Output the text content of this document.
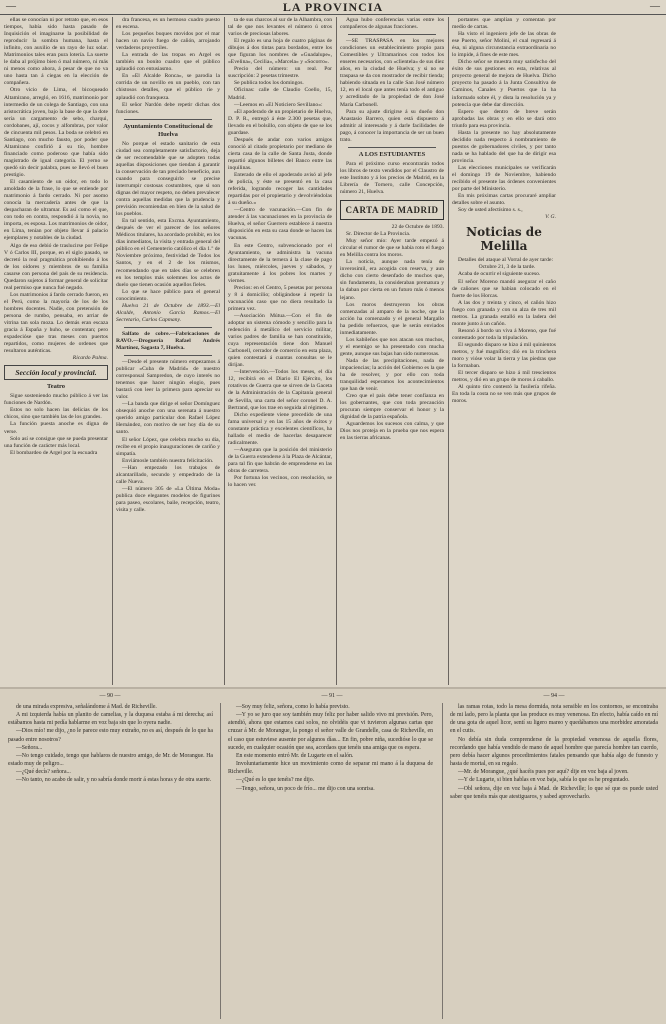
—	LA PROVINCIA	—

ellas se conocían ni por retrato que, en esos tiempos, había sido hasta pasado de Inquisición el imaginarse la posibilidad de reproducir la sombra humana, hasta el infinito, con auxilio de un rayo de luz solar. Matrimonios tales eran pura lotería. La suerte le daba al prójimo bien ó mal número, ni más ni menos como ahora, á pesar de que no va uno hasta tan á ciegas en la elección de compañera.

Otro vicio de Lima, el bicoqueado Altamirano, arregló, en 1616, matrimonio por intermedio de un colega de Santiago, con una aristocrática joven, bajo la base de que la dote sería un cargamento de sebo, charqui, cordobanes, ají, cocos y alfombras, por valor de cincuenta mil pesos. La boda se celebró en Santiago, con mucho fausto, por poder que Altamirano confirió á su tío, hombre financiado como poderoso que había sido magistrado de igual categoría. El yerno se quedó sin decir palabra, pues se llevó el buen prestigio.

El casamiento de un oidor, en todo lo amoldado de la frase, lo que se entiende por matrimonio á fardo cerrado. Ni por asomo conocía la mercadería antes de que la despacharan de ultramar. Es así como el que, con todo en contra, respondió á la novia, no importa, es esposa. Los matrimonios de oidor, en Lima, tenían por objeto llevar á palacio ejemplares y notables de la ciudad.

Algo de eso debió de traslucirse por Felipe V ó Carlos III, porque, en el siglo pasado, se decretó la real pragmática prohibiendo á los de los oidores y miembros de su familia casarse con persona del país de su residencia. Quedaron sujetos á formar general de solicitar real permiso que nunca fué negado.

Los matrimonios á fardo cerrado fueron, en el Perú, como la mayoría de los de los hombres docentes. Nadie, con pretensión de persona de rumbo, pensaba, en arriar de vitrina tan sola moza. Lo demás eran escaza gracia á España y huho, se contentan; pero expadecióse que tras meses con puertos repartidos, como mujeres de ordenes que resultaron auténticas.

Ricardo Palma.

Sección local y provincial.

Teatro

Sigue sosteniendo mucho público á ver las funciones de Nardón.

Estos no solo hacen las delicias de los chicos, sino que también las de los grandes.

La función puesta anoche es digna de verse.

Solo así se consigue que se pueda presentar una función de carácter más local.

El bombardeo de Argel por la escuadra

dra francesa, es un hermoso cuadro puesto en escena.

Los pequeños buques movidos por el mar hacen un navío fuego de cañón, arrojando verdaderos proyectiles.

La entrada de las tropas en Argel es también un bonito cuadro que el público aplaudió con entusiasmo.

En «El Alcalde Ronca», se parodia la corrida de un novillo en un pueblo, con tan chistosos detalles, que el público ríe y aplaudió con franqueza.

El señor Nardón debe repetir dichas dos funciones.

Ayuntamiento Constitucional de Huelva

No porque el estado sanitario de esta ciudad sea completamente satisfactorio, deja de ser recomendable que se adopten todas aquellas disposiciones que tiendan á garantir la conservación de tan preciado beneficio, aun cuando para conseguirlo se precise interrumpir costosas costumbres, que si son dignas del mayor respeto, no deben prevalecer contra aquellas medidas que la prudencia y previsión recomiendan en bien de la salud de los pueblos.

En tal sentido, esta Excma. Ayuntamiento, después de ver el parecer de los señores Médicos titulares, ha acordado prohibir, en los días inmediatos, la visita y entrada general del público en el Cementerio católico el día 1.º de Noviembre próximo, festividad de Todos los Santos, y en el 2 de los mismos, recomendando que en tales días se celebren en los templos más solemnes los actos de duelo que tienen ocasión aquellos fieles.

Lo que se hace público para el general conocimiento.

Huelva 21 de Octubre de 1893.—El Alcalde, Antonio García Ramos.—El Secretario, Carlos Capmany.

Salfato de cobre.—Fabricaciones de RAVO.—Droguería Rafael Andrés Martínez, Sagasta 7, Huelva.

—Desde el presente número empezamos á publicar «Cuba de Madrid» de nuestro corresponsal Sampredon, de cuyo interés no tenemos que hacer ningún elogio, pues bastará con leer la primera para apreciar su valor.

—La banda que dirige el señor Domínguez obsequió anoche con una serenata á nuestro querido amigo particular don Rafael López Hernández, con motivo de ser hoy día de su santo.

El señor López, que celebra mucho su día, recibe en el propio inauguraciones de cariño y simpatía.

Enviámosle también nuestra felicitación.

—Han empezado los trabajos de alcantarillado, secundo y empedrado de la calle Nueva.

—El número 305 de «La Última Moda» publica doce elegantes modelos de figurines para paseo, escolares, baile, recepción, teatro, visita y calle.

ta de sus charcos al sur de la Alhambra, con tal de que nos levantes el número ú otros varios de preciosas labores.

El regalo es una hoja de cuatro páginas de dibujos á dos tintas para bordados, entre los que figuran los nombres de «Guadalupe», «Evelina», Cecilia», «Marcela» y «Socorro».

Precio del número: un real. Por suscripción: 2 pesetas trimestre.

Se publica todos los domingos.

Oficinas: calle de Claudio Coello, 15, Madrid.

—Leemos en «El Noticiero Sevillano»:

«El apoderado de un propietario de Huelva, D. P. R., entregó á éste 2.300 pesetas que, llevado en el bolsillo, con objeto de que se los guardase.

Después de andar con varios amigos conoció al citado propietario por mediano de cierta casa de la calle de Santa Justa, donde repartió algunos billetes del Banco entre las inquilinas.

Enterado de ello el apoderado avisó al jefe de policía, y éste se presentó en la casa referida, logrando recoger las cantidades repartidas por el propietario y devolviéndolas á su dueño.»

—Centro de vacunación.—Con fin de atender á las vacunaciones en la provincia de Huelva, el señor Guerrero establece á nuestra disposición en esta su casa donde se hacen las vacunas.

En este Centro, subvencionado por el Ayuntamiento, se administra la vacuna directamente de la ternera á la clase de pago los lunes, miércoles, jueves y sábados, y gratuitamente á los pobres los martes y viernes.

Precios: en el Centro, 5 pesetas por persona y 8 á domicilio; obligándose á repetir la vacunación caso que no diera resultado la primera vez.

—Asociación Mútua.—Con el fin de adoptar un sistema cómodo y sencillo para la redención á metálico del servicio militar, varios padres de familia se han constituido, cuya representación tiene don Manuel Carbonell, cerrador de comercio en esta plaza, quien contestará á cuantas consultas se le dirijan.

—Intervención.—Todos los meses, el día 12, recibirá en el Diario El Ejército, los rotativos de Guerra que se sirven de la Gaceta de la Administración de la Capitanía general de Sevilla, una carta del señor coronel D. A. Bertrand, que los trae en seguida al régimen.

Dicho expediente viene precedido de una fama universal y en las 15 años de éxitos y constante práctica y excelentes científicos, ha hallado el medio de hacerlas desaparecer radicalmente.

—Aseguran que la posición del ministerio de la Guerra extenderse á la Plaza de Alcántar, para tal fin que habrán de emprenderse en las obras de carretera.

Por fortuna los vecinos, con resolución, se lo hacen ver.

Agua hubo conferencias varias entre los compañeros de algunas fracciones.

—SE TRASPASA en los mejores condiciones un establecimiento propio para Comestibles y Ultramarinos con todos los enseres necesarios, con «clientela» de sus diez años, en la ciudad de Huelva; y si no se traspasa se da con mostrador de recibir tienda; habiendo situada en la calle San José número 12, en el local que antes tenía todo el antiguo y acreditado de la propiedad de don José María Carbonell.

Para su ajuste dirigirse á su dueño don Anastasio Barrero, quien está dispuesto á admitir al interesado y á darle facilidades de pago, á conocer la importancia de ser un buen trato.

A LOS ESTUDIANTES

Para el próximo curso encontrarán todos los libros de texto vendidos por el Claustro de este Instituto y á los precios de Madrid, en la Librería de Tornero, calle Concepción, número 21, Huelva.

CARTA DE MADRID

22 de Octubre de 1893.

Sr. Director de La Provincia.

Muy señor mío: Ayer tarde empezó á circular el rumor de que se había roto el fuego en Melilla contra los moros.

La noticia, aunque nada tenía de inverosímil, era acogida con reserva, y aun dicho con cierto desenfado de muchos que, sin fundamento, la consideraban prematura y la daban por cierta en un futuro más ó menos lejano.

Los moros destruyeron los obras comenzadas al amparo de la noche, que la acción ha comenzado y el general Margallo ha pedido refuerzos, que le serán enviados inmediatamente.

Los kabileños que nos atacan son muchos, y el enemigo se ha presentado con mucha gente, aunque sus bajas han sido numerosas.

Nada de las precipitaciones, nada de impaciencias; la acción del Gobierno es la que ha de resolver, y por ello con toda tranquilidad esperamos los acontecimientos que han de venir.

Creo que el país debe tener confianza en los gobernantes, que con toda precaución procuran siempre conservar el honor y la dignidad de la patria española.

Aguardemos los sucesos con calma, y que Dios nos proteja en la prueba que nos espera en las tierras africanas.

portantes que amplían y comentan por medio de cartas.

Ha visto el ingeniero jefe de las obras de ese Puerto, señor Molini, el cual regresará á ésa, ni alguna circunstancia extraordinaria no lo impide, á fines de este mes.

Dicho señor se muestra muy satisfecho del éxito de sus gestiones en esta, relativas al proyecto general de mejora de Huelva. Dicho proyecto ha pasado á la Junta Consultiva de Caminos, Canales y Puertos que la ha informado sobre él, y dista la resolución ya y potencia que debe dar dirección.

Espero que dentro de breve serán aprobadas las obras y en ello se dará otro triunfo para esa provincia.

Hasta la presente no hay absolutamente decidido nada respecto á nombramiento de puestos de gobernadores civiles, y por tanto nada se ha hablado del que ha de dirigir esa provincia.

Las elecciones municipales se verificarán el domingo 19 de Noviembre, habiendo recibido el presente las órdenes convenientes por parte del Ministerio.

En mis próximas cartas procuraré ampliar detalles sobre el asunto.

Soy de usted afectísimo s. s.,

V. G.

Noticias de Melilla

Detalles del ataque al Vorral de ayer tarde:

Octubre 21, 3 de la tarde.

Acaba de ocurrir el siguiente suceso.

El señor Moreno mandó asegurar el caño de cañones que se habían colocado en el fuerte de los Horcas.

A las dos y treinta y cinco, el cañón hizo fuego con granada y con su alza de tres mil metros. La granada estalló en la ladera del monte junto á un cañón.

Resonó á bordo un viva á Moreno, que fué contestado por toda la tripulación.

El segundo disparo se hizo á mil quinientos metros, y fué magnífico; dió en la trinchera moro y vióse volar la tierra y las piedras que la formaban.

El tercer disparo se hizo á mil trescientos metros, y dió en un grupo de moros á caballo.

Al quinto tiro contestó la fusilería rifeña. En toda la costa no se ven más que grupos de moros.

— 90 —	— 91 —	— 94 —

de una mirada expresiva, señalándome á Mad. de Richeville.

A mi izquierda había un planito de camelias, y la duquesa estaba á mi derecha; así estábamos hasta mi pedía hablarme en voz baja sin que lo oyera nadie.

—Dios mío! me dijo, ¿no le parece esto muy extraño, no es así, después de lo que ha pasado entre nosotros?

—Señora...

—No tengo cuidado, tengo que hablaros de nuestro amigo, de Mr. de Morangue. Ha estado muy de peligro...

—¿Qué decís? señora...

—No tanto, no acabo de salir, y no sabría donde morir á estas horas y de otra suerte.

—Soy muy feliz, señora, como lo había previsto.

—Y yo se juro que soy también muy feliz por haber salido vivo mi previsión. Pero, atendió, ahora que estamos casi solos, no olvidéis que vi tuvieron algunas cartas que cruzar á Mr. de Morangue, la pongo el señor valle de Grandelle, casa de Richeville, en el caso que estuviese ausente por algunos días... En fin, pobre niña, sucedióse lo que se sucede, en cualquier ocasión que sea, acordaos que tenéis una amiga que os espera.

En este momento entró Mr. de Lugarte en el salón.

Involuntariamente hice un movimiento como de separar mi mano á la duquesa de Richeville.

—¿Qué es lo que tenéis? me dijo.

—Tengo, señora, un poco de frío... me dijo con una sonrisa.

las ramas rotas, todo la mesa dormida, nota sensible en los contornos, se encontraba de mi lado, pero la planta que las produce es muy venenosa. En efecto, había caído en mí de una gota de aquel licor, sentí su ligero mareo y quedábamos una morbidez amoratada en el cutis.

No debía sin duda comprenderse de la propiedad venenosa de aquella flores, recordando que había vendido de mano de aquel hombre que parecía hombre tan cuerdo, pero debía hacer algunos procedimientos fatales pensando que había algo de funesto y hasta de mortal, en su regalo.

—Mr. de Morangue, ¿qué hacéis pues por aquí? dije en voz baja al joven.

—Y de Lugarte, si bien hablas en voz baja, sabía lo que os he preguntado.

—Obl señora, dije en voz baja á Mad. de Richeville; lo que sé que os puede usted saber que tenéis más que atestiguaros, y sabed aprovecharlo.
